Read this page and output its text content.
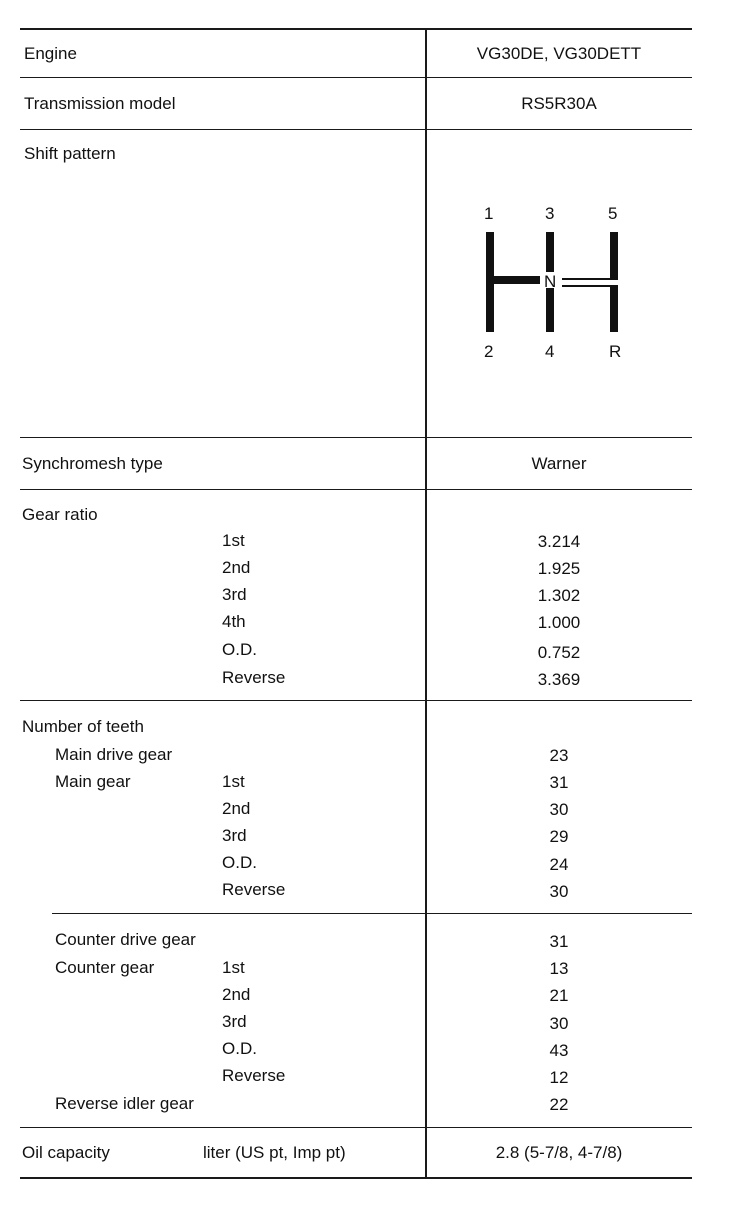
Engine	VG30DE, VG30DETT
Transmission model	RS5R30A
Shift pattern
1	3	5
N
2	4	R
Synchromesh type	Warner
Gear ratio
1st	3.214
2nd	1.925
3rd	1.302
4th	1.000
O.D.	0.752
Reverse	3.369
Number of teeth
Main drive gear	23
Main gear	1st	31
2nd	30
3rd	29
O.D.	24
Reverse	30
Counter drive gear	31
Counter gear	1st	13
2nd	21
3rd	30
O.D.	43
Reverse	12
Reverse idler gear	22
Oil capacity	liter (US pt, Imp pt)	2.8 (5-7/8, 4-7/8)
